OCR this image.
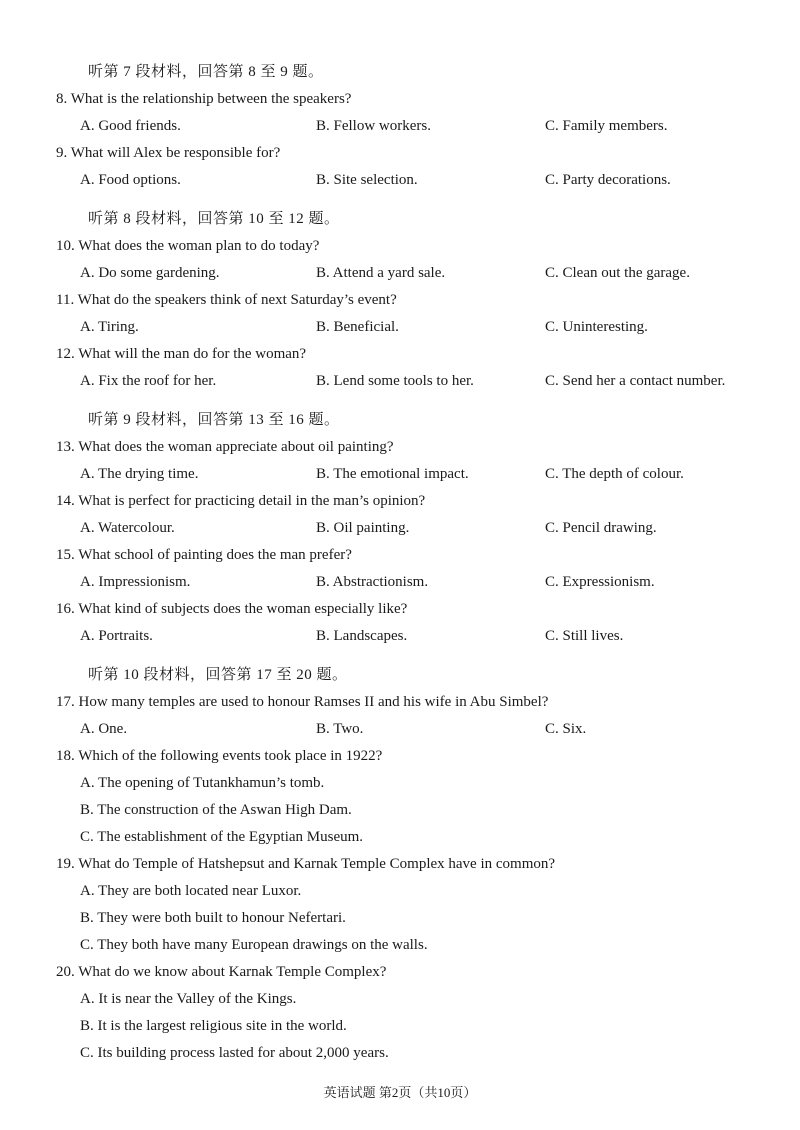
听第 7 段材料，回答第 8 至 9 题。
8. What is the relationship between the speakers?
A. Good friends.	B. Fellow workers.	C. Family members.
9. What will Alex be responsible for?
A. Food options.	B. Site selection.	C. Party decorations.
听第 8 段材料，回答第 10 至 12 题。
10. What does the woman plan to do today?
A. Do some gardening.	B. Attend a yard sale.	C. Clean out the garage.
11. What do the speakers think of next Saturday’s event?
A. Tiring.	B. Beneficial.	C. Uninteresting.
12. What will the man do for the woman?
A. Fix the roof for her.	B. Lend some tools to her.	C. Send her a contact number.
听第 9 段材料，回答第 13 至 16 题。
13. What does the woman appreciate about oil painting?
A. The drying time.	B. The emotional impact.	C. The depth of colour.
14. What is perfect for practicing detail in the man’s opinion?
A. Watercolour.	B. Oil painting.	C. Pencil drawing.
15. What school of painting does the man prefer?
A. Impressionism.	B. Abstractionism.	C. Expressionism.
16. What kind of subjects does the woman especially like?
A. Portraits.	B. Landscapes.	C. Still lives.
听第 10 段材料，回答第 17 至 20 题。
17. How many temples are used to honour Ramses II and his wife in Abu Simbel?
A. One.	B. Two.	C. Six.
18. Which of the following events took place in 1922?
A. The opening of Tutankhamun’s tomb.
B. The construction of the Aswan High Dam.
C. The establishment of the Egyptian Museum.
19. What do Temple of Hatshepsut and Karnak Temple Complex have in common?
A. They are both located near Luxor.
B. They were both built to honour Nefertari.
C. They both have many European drawings on the walls.
20. What do we know about Karnak Temple Complex?
A. It is near the Valley of the Kings.
B. It is the largest religious site in the world.
C. Its building process lasted for about 2,000 years.
英语试题 第2页（共10页）
